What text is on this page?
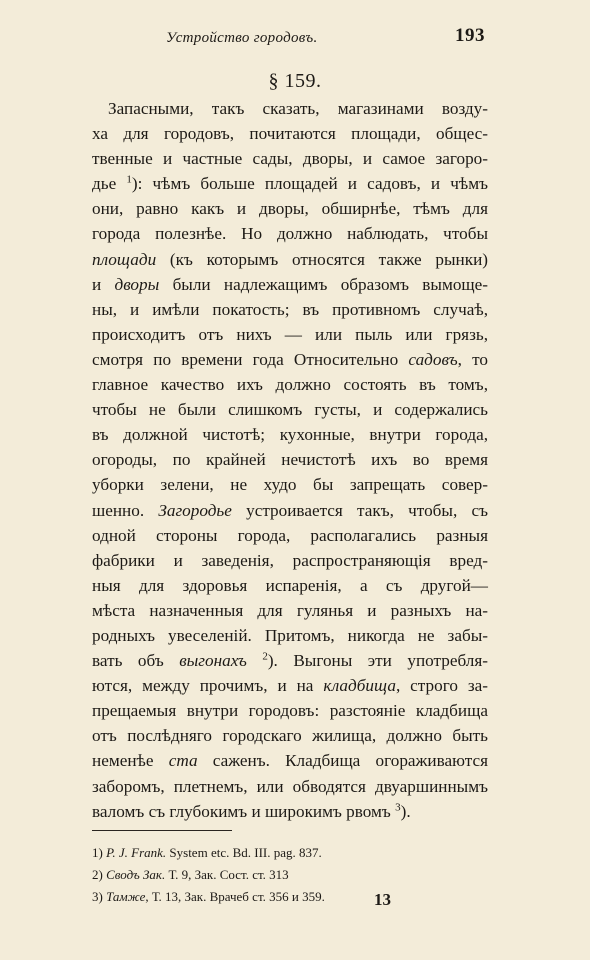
Устройство городовъ.	193
§ 159.
Запасными, такъ сказать, магазинами возду-
ха для городовъ, почитаются площади, общес-
твенные и частные сады, дворы, и самое загоро-
дье $^1$): чѣмъ больше площадей и садовъ, и чѣмъ
они, равно какъ и дворы, обширнѣе, тѣмъ для
города полезнѣе. Но должно наблюдать, чтобы
площади (къ которымъ относятся также рынки)
и дворы были надлежащимъ образомъ вымоще-
ны, и имѣли покатость; въ противномъ случаѣ,
происходитъ отъ нихъ — или пыль или грязь,
смотря по времени года Относительно садовъ, то
главное качество ихъ должно состоять въ томъ,
чтобы не были слишкомъ густы, и содержались
въ должной чистотѣ; кухонные, внутри города,
огороды, по крайней нечистотѣ ихъ во время
уборки зелени, не худо бы запрещать совер-
шенно. Загородье устроивается такъ, чтобы, съ
одной стороны города, располагались разныя
фабрики и заведенія, распространяющія вред-
ныя для здоровья испаренія, а съ другой—
мѣста назначенныя для гулянья и разныхъ на-
родныхъ увеселеній. Притомъ, никогда не забы-
вать объ выгонахъ $^2$). Выгоны эти употребля-
ются, между прочимъ, и на кладбища, строго за-
прещаемыя внутри городовъ: разстояніе кладбища
отъ послѣдняго городскаго жилища, должно быть
неменѣе ста саженъ. Кладбища огораживаются
заборомъ, плетнемъ, или обводятся двуаршиннымъ
валомъ съ глубокимъ и широкимъ рвомъ $^3$).
1) P. J. Frank. System etc. Bd. III. pag. 837.
2) Сводъ Зак. Т. 9, Зак. Сост. ст. 313
3) Тамже, Т. 13, Зак. Врачеб ст. 356 и 359.	13
